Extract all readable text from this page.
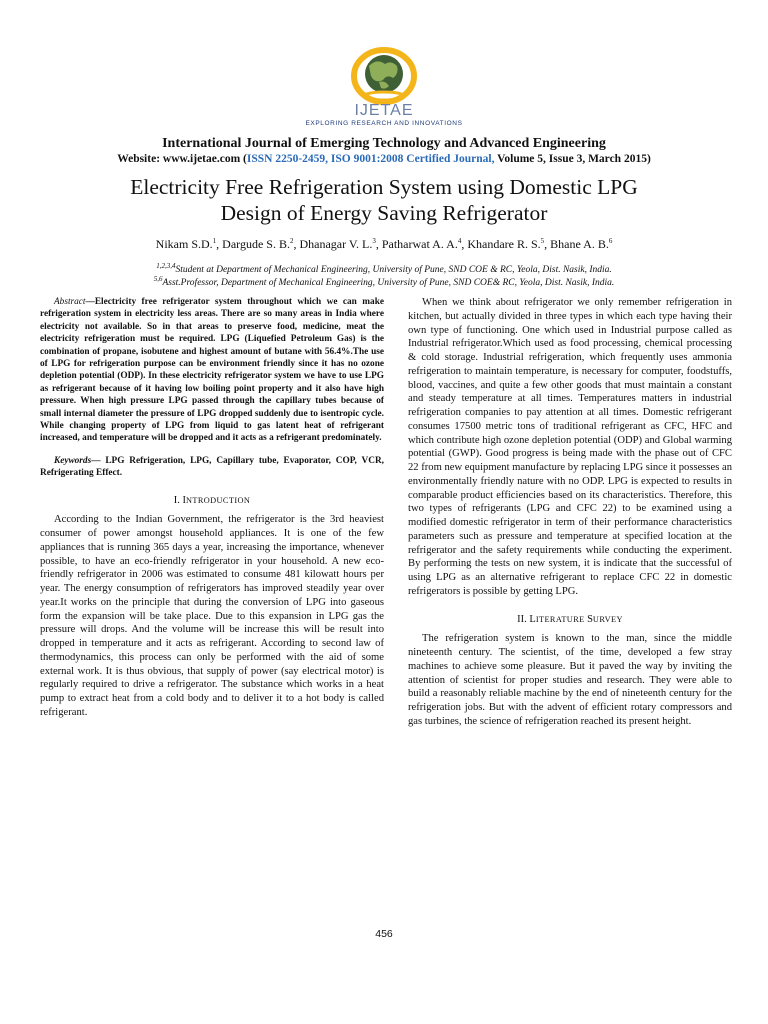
IJETAE
EXPLORING RESEARCH AND INNOVATIONS
International Journal of Emerging Technology and Advanced Engineering
Website: www.ijetae.com (ISSN 2250-2459, ISO 9001:2008 Certified Journal, Volume 5, Issue 3, March 2015)
Electricity Free Refrigeration System using Domestic LPG
Design of Energy Saving Refrigerator
Nikam S.D.$^1$, Dargude S. B.$^2$, Dhanagar V. L.$^3$, Patharwat A. A.$^4$, Khandare R. S.$^5$, Bhane A. B.$^6$
$^{1,2,3,4}$Student at Department of Mechanical Engineering, University of Pune, SND COE & RC, Yeola, Dist. Nasik, India.
$^{5,6}$Asst.Professor, Department of Mechanical Engineering, University of Pune, SND COE& RC, Yeola, Dist. Nasik, India.

Abstract—Electricity free refrigerator system throughout which we can make refrigeration system in electricity less areas. There are so many areas in India where electricity not available. So in that areas to preserve food, medicine, meat the electricity refrigeration must be required. LPG (Liquefied Petroleum Gas) is the combination of propane, isobutene and highest amount of butane with 56.4%.The use of LPG for refrigeration purpose can be environment friendly since it has no ozone depletion potential (ODP). In these electricity refrigerator system we have to use LPG as refrigerant because of it having low boiling point property and it also have high pressure. When high pressure LPG passed through the capillary tubes because of small internal diameter the pressure of LPG dropped suddenly due to isentropic cycle. While changing property of LPG from liquid to gas latent heat of refrigerant increased, and temperature will be dropped and it acts as a refrigerant predominately.

Keywords— LPG Refrigeration, LPG, Capillary tube, Evaporator, COP, VCR, Refrigerating Effect.

I. INTRODUCTION

According to the Indian Government, the refrigerator is the 3rd heaviest consumer of power amongst household appliances. It is one of the few appliances that is running 365 days a year, increasing the importance, whenever possible, to have an eco-friendly refrigerator in your household. A new eco-friendly refrigerator in 2006 was estimated to consume 481 kilowatt hours per year. The energy consumption of refrigerators has improved steadily year over year.It works on the principle that during the conversion of LPG into gaseous form the expansion will be take place. Due to this expansion in LPG gas the pressure will drops. And the volume will be increase this will be result into dropped in temperature and it acts as refrigerant. According to second law of thermodynamics, this process can only be performed with the aid of some external work. It is thus obvious, that supply of power (say electrical motor) is regularly required to drive a refrigerator. The substance which works in a heat pump to extract heat from a cold body and to deliver it to a hot body is called refrigerant.

When we think about refrigerator we only remember refrigeration in kitchen, but actually divided in three types in which each type having their own type of functioning. One which used in Industrial purpose called as Industrial refrigerator.Which used as food processing, chemical processing & cold storage. Industrial refrigeration, which frequently uses ammonia refrigeration to maintain temperature, is necessary for computer, foodstuffs, blood, vaccines, and quite a few other goods that must maintain a constant and steady temperature at all times. Temperatures matters in industrial refrigeration companies to pay attention at all times. Domestic refrigerant consumes 17500 metric tons of traditional refrigerant as CFC, HFC and which contribute high ozone depletion potential (ODP) and Global warming potential (GWP). Good progress is being made with the phase out of CFC 22 from new equipment manufacture by replacing LPG since it possesses an environmentally friendly nature with no ODP. LPG is expected to results in comparable product efficiencies based on its characteristics. Therefore, this two types of refrigerants (LPG and CFC 22) to be examined using a modified domestic refrigerator in term of their performance characteristics parameters such as pressure and temperature at specified location at the refrigerator and the safety requirements while conducting the experiment. By performing the tests on new system, it is indicate that the successful of using LPG as an alternative refrigerant to replace CFC 22 in domestic refrigerators is possible by getting LPG.

II. LITERATURE SURVEY

The refrigeration system is known to the man, since the middle nineteenth century. The scientist, of the time, developed a few stray machines to achieve some pleasure. But it paved the way by inviting the attention of scientist for proper studies and research. They were able to build a reasonably reliable machine by the end of nineteenth century for the refrigeration jobs. But with the advent of efficient rotary compressors and gas turbines, the science of refrigeration reached its present height.

456
